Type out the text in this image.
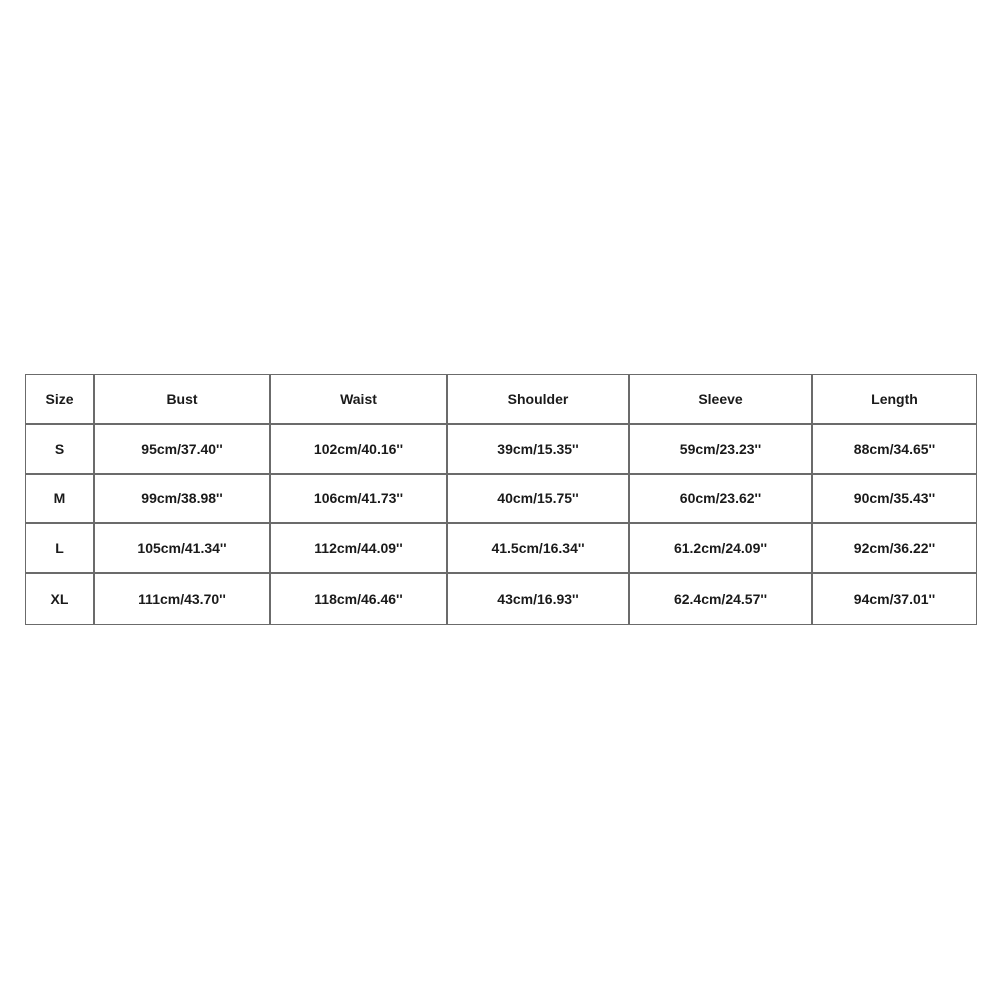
Size	Bust	Waist	Shoulder	Sleeve	Length
S	95cm/37.40''	102cm/40.16''	39cm/15.35''	59cm/23.23''	88cm/34.65''
M	99cm/38.98''	106cm/41.73''	40cm/15.75''	60cm/23.62''	90cm/35.43''
L	105cm/41.34''	112cm/44.09''	41.5cm/16.34''	61.2cm/24.09''	92cm/36.22''
XL	111cm/43.70''	118cm/46.46''	43cm/16.93''	62.4cm/24.57''	94cm/37.01''
